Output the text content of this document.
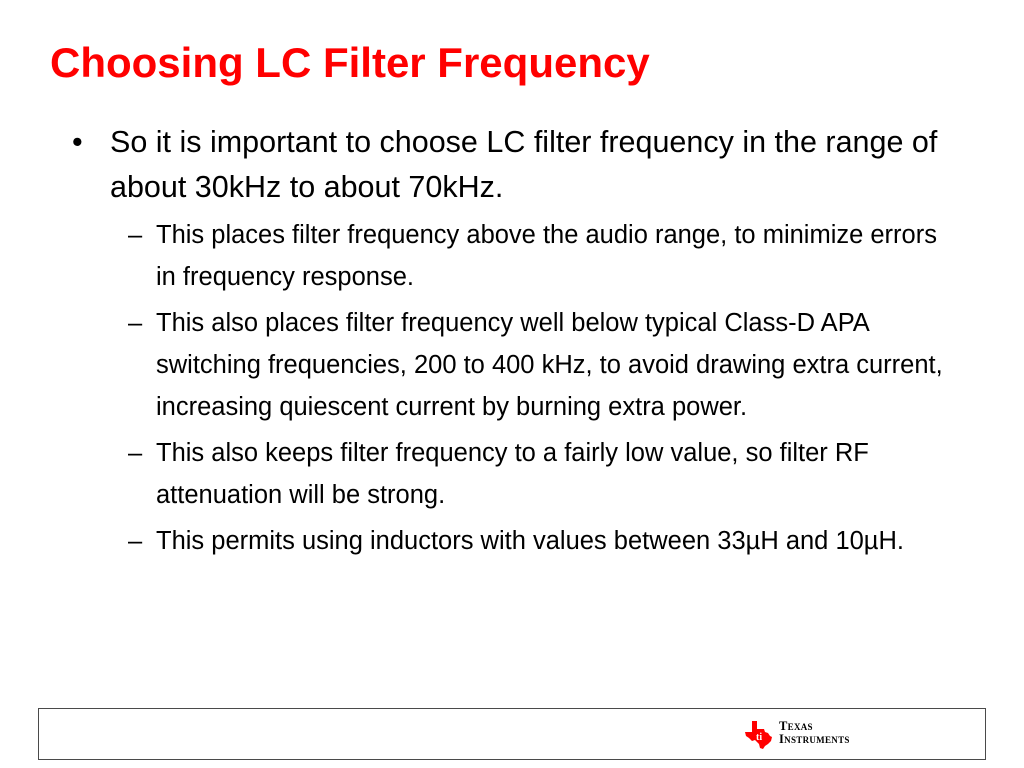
Choosing LC Filter Frequency
• So it is important to choose LC filter frequency in the range of about 30kHz to about 70kHz.
– This places filter frequency above the audio range, to minimize errors in frequency response.
– This also places filter frequency well below typical Class-D APA switching frequencies, 200 to 400 kHz, to avoid drawing extra current, increasing quiescent current by burning extra power.
– This also keeps filter frequency to a fairly low value, so filter RF attenuation will be strong.
– This permits using inductors with values between 33µH and 10µH.
ti
Texas
Instruments
